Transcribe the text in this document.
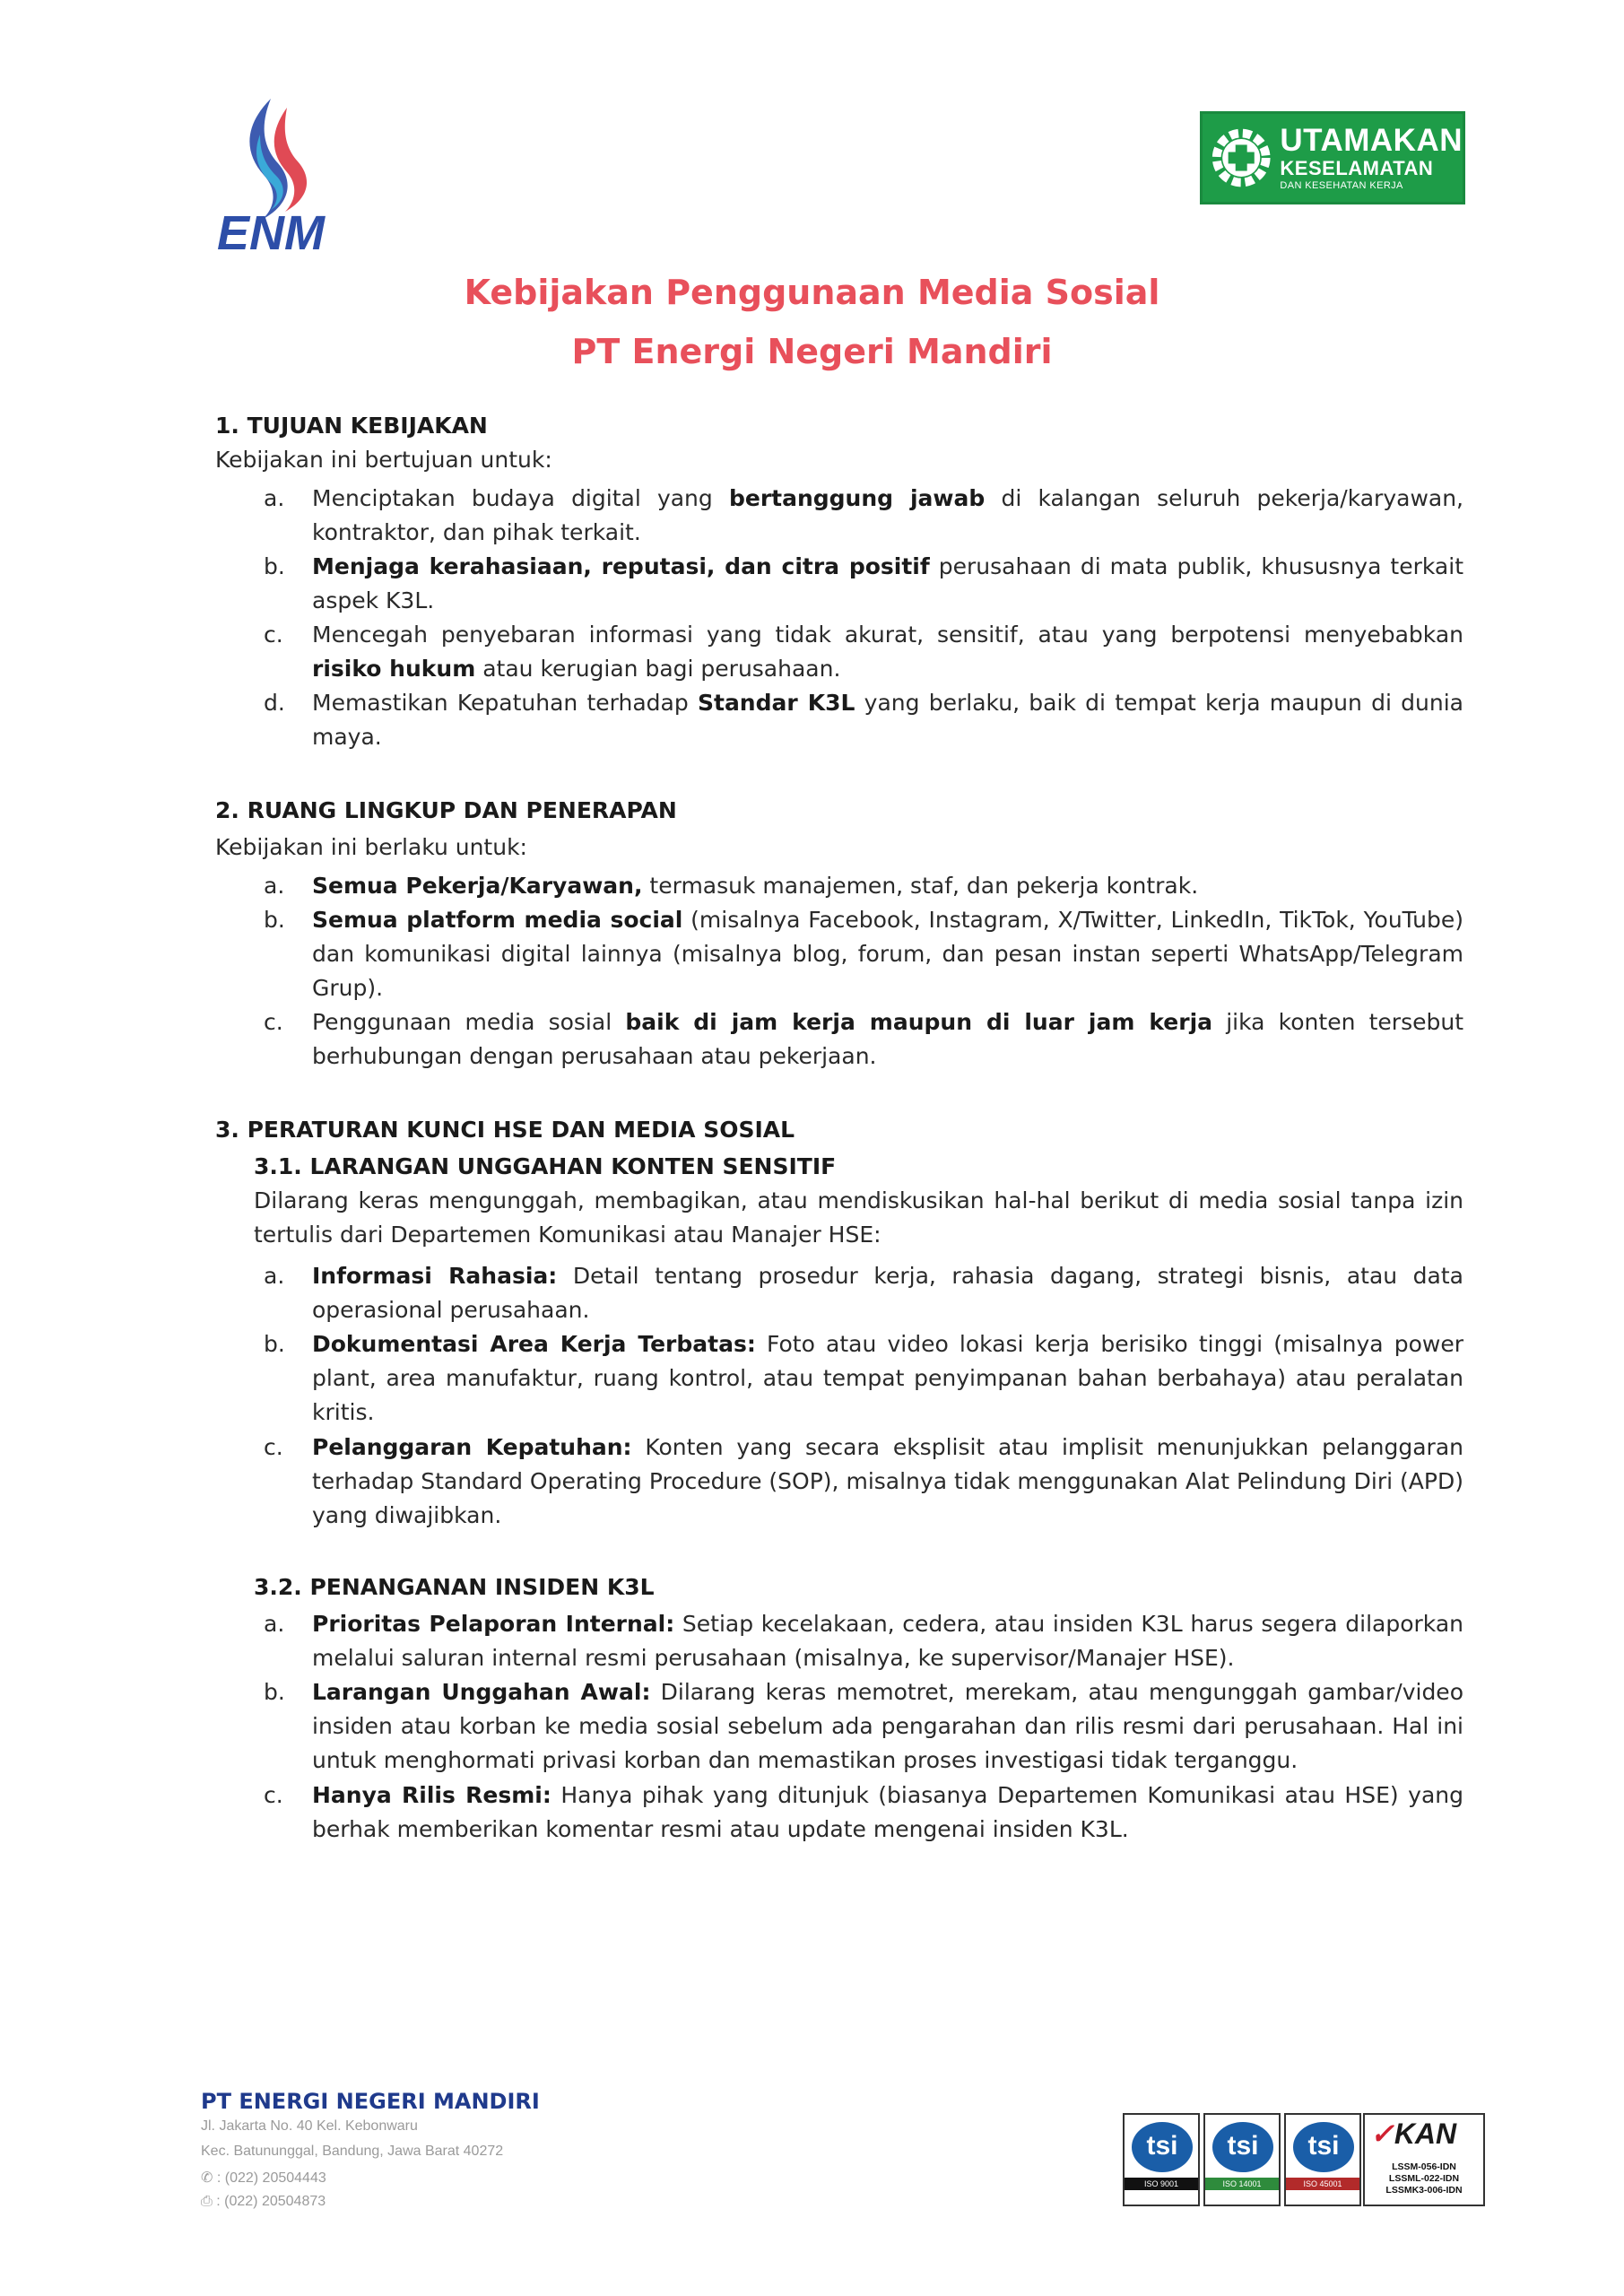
ENM
UTAMAKAN
KESELAMATAN
DAN KESEHATAN KERJA
Kebijakan Penggunaan Media Sosial
PT Energi Negeri Mandiri
1. TUJUAN KEBIJAKAN
Kebijakan ini bertujuan untuk:
a. Menciptakan budaya digital yang bertanggung jawab di kalangan seluruh pekerja/karyawan, kontraktor, dan pihak terkait.
b. Menjaga kerahasiaan, reputasi, dan citra positif perusahaan di mata publik, khususnya terkait aspek K3L.
c. Mencegah penyebaran informasi yang tidak akurat, sensitif, atau yang berpotensi menyebabkan risiko hukum atau kerugian bagi perusahaan.
d. Memastikan Kepatuhan terhadap Standar K3L yang berlaku, baik di tempat kerja maupun di dunia maya.
2. RUANG LINGKUP DAN PENERAPAN
Kebijakan ini berlaku untuk:
a. Semua Pekerja/Karyawan, termasuk manajemen, staf, dan pekerja kontrak.
b. Semua platform media social (misalnya Facebook, Instagram, X/Twitter, LinkedIn, TikTok, YouTube) dan komunikasi digital lainnya (misalnya blog, forum, dan pesan instan seperti WhatsApp/Telegram Grup).
c. Penggunaan media sosial baik di jam kerja maupun di luar jam kerja jika konten tersebut berhubungan dengan perusahaan atau pekerjaan.
3. PERATURAN KUNCI HSE DAN MEDIA SOSIAL
3.1. LARANGAN UNGGAHAN KONTEN SENSITIF
Dilarang keras mengunggah, membagikan, atau mendiskusikan hal-hal berikut di media sosial tanpa izin tertulis dari Departemen Komunikasi atau Manajer HSE:
a. Informasi Rahasia: Detail tentang prosedur kerja, rahasia dagang, strategi bisnis, atau data operasional perusahaan.
b. Dokumentasi Area Kerja Terbatas: Foto atau video lokasi kerja berisiko tinggi (misalnya power plant, area manufaktur, ruang kontrol, atau tempat penyimpanan bahan berbahaya) atau peralatan kritis.
c. Pelanggaran Kepatuhan: Konten yang secara eksplisit atau implisit menunjukkan pelanggaran terhadap Standard Operating Procedure (SOP), misalnya tidak menggunakan Alat Pelindung Diri (APD) yang diwajibkan.
3.2. PENANGANAN INSIDEN K3L
a. Prioritas Pelaporan Internal: Setiap kecelakaan, cedera, atau insiden K3L harus segera dilaporkan melalui saluran internal resmi perusahaan (misalnya, ke supervisor/Manajer HSE).
b. Larangan Unggahan Awal: Dilarang keras memotret, merekam, atau mengunggah gambar/video insiden atau korban ke media sosial sebelum ada pengarahan dan rilis resmi dari perusahaan. Hal ini untuk menghormati privasi korban dan memastikan proses investigasi tidak terganggu.
c. Hanya Rilis Resmi: Hanya pihak yang ditunjuk (biasanya Departemen Komunikasi atau HSE) yang berhak memberikan komentar resmi atau update mengenai insiden K3L.
PT ENERGI NEGERI MANDIRI
Jl. Jakarta No. 40 Kel. Kebonwaru
Kec. Batununggal, Bandung, Jawa Barat 40272
✆ : (022) 20504443
⎙ : (022) 20504873
tsi
ISO 9001
tsi
ISO 14001
tsi
ISO 45001
✓KAN
LSSM-056-IDN
LSSML-022-IDN
LSSMK3-006-IDN
